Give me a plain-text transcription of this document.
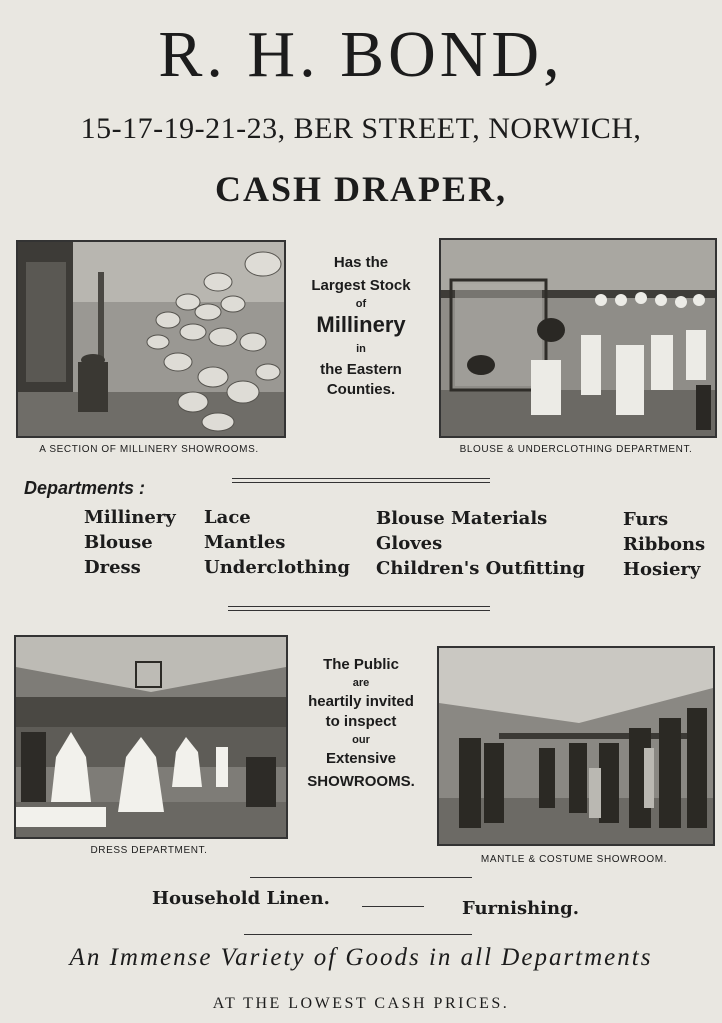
R. H. BOND,
15-17-19-21-23, BER STREET, NORWICH,
CASH DRAPER,
A SECTION OF MILLINERY SHOWROOMS.
Has the
Largest Stock
of
Millinery
in
the Eastern
Counties.
BLOUSE & UNDERCLOTHING DEPARTMENT.
Departments :
Millinery
Blouse
Dress
Lace
Mantles
Underclothing
Blouse Materials
Gloves
Children's Outfitting
Furs
Ribbons
Hosiery
DRESS DEPARTMENT.
The Public
are
heartily invited
to inspect
our
Extensive
SHOWROOMS.
MANTLE & COSTUME SHOWROOM.
Household Linen.	Furnishing.
An Immense Variety of Goods in all Departments
AT THE LOWEST CASH PRICES.
